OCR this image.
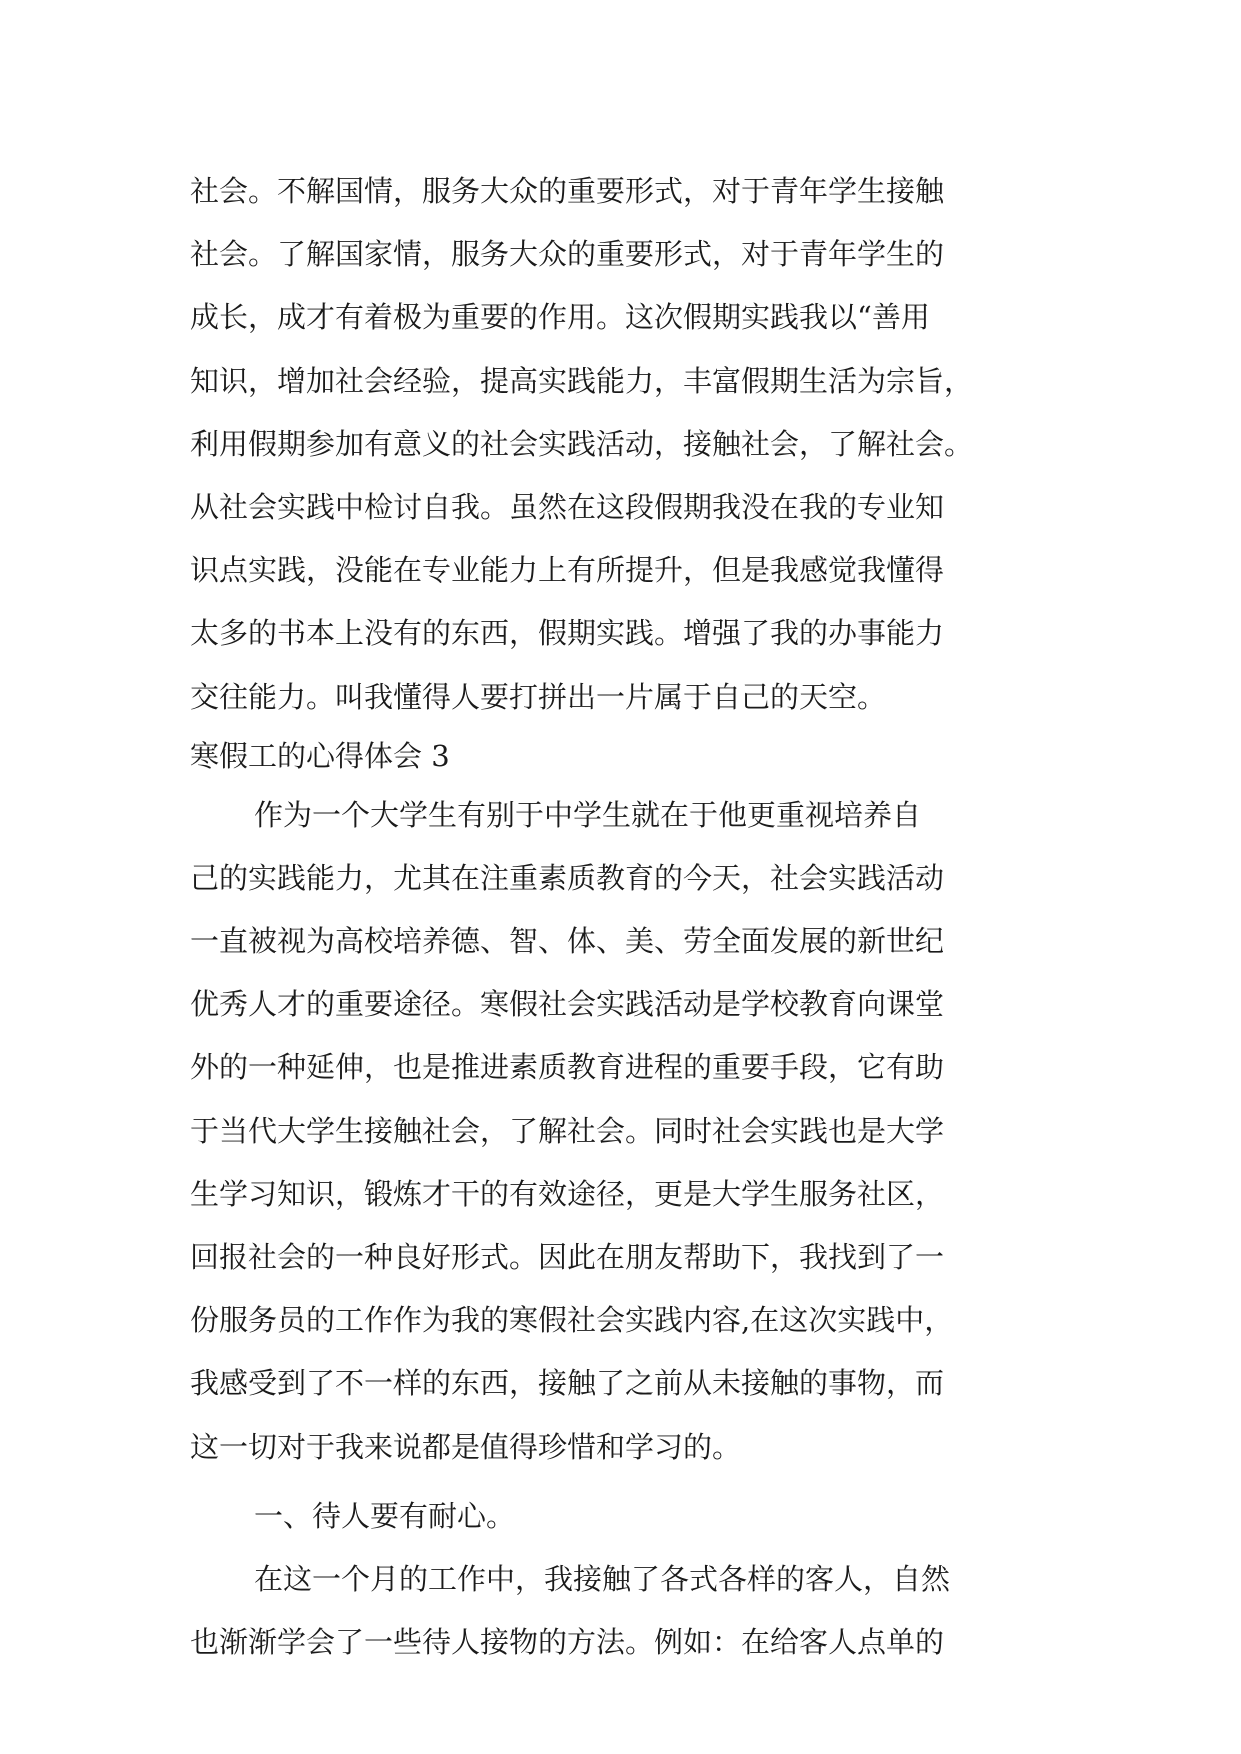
社会。不解国情，服务大众的重要形式，对于青年学生接触
社会。了解国家情，服务大众的重要形式，对于青年学生的
成长，成才有着极为重要的作用。这次假期实践我以“善用
知识，增加社会经验，提高实践能力，丰富假期生活为宗旨，
利用假期参加有意义的社会实践活动，接触社会，了解社会。
从社会实践中检讨自我。虽然在这段假期我没在我的专业知
识点实践，没能在专业能力上有所提升，但是我感觉我懂得
太多的书本上没有的东西，假期实践。增强了我的办事能力
交往能力。叫我懂得人要打拼出一片属于自己的天空。
寒假工的心得体会 3
作为一个大学生有别于中学生就在于他更重视培养自
己的实践能力，尤其在注重素质教育的今天，社会实践活动
一直被视为高校培养德、智、体、美、劳全面发展的新世纪
优秀人才的重要途径。寒假社会实践活动是学校教育向课堂
外的一种延伸，也是推进素质教育进程的重要手段，它有助
于当代大学生接触社会，了解社会。同时社会实践也是大学
生学习知识，锻炼才干的有效途径，更是大学生服务社区，
回报社会的一种良好形式。因此在朋友帮助下，我找到了一
份服务员的工作作为我的寒假社会实践内容,在这次实践中，
我感受到了不一样的东西，接触了之前从未接触的事物，而
这一切对于我来说都是值得珍惜和学习的。
一、待人要有耐心。
在这一个月的工作中，我接触了各式各样的客人，自然
也渐渐学会了一些待人接物的方法。例如：在给客人点单的
